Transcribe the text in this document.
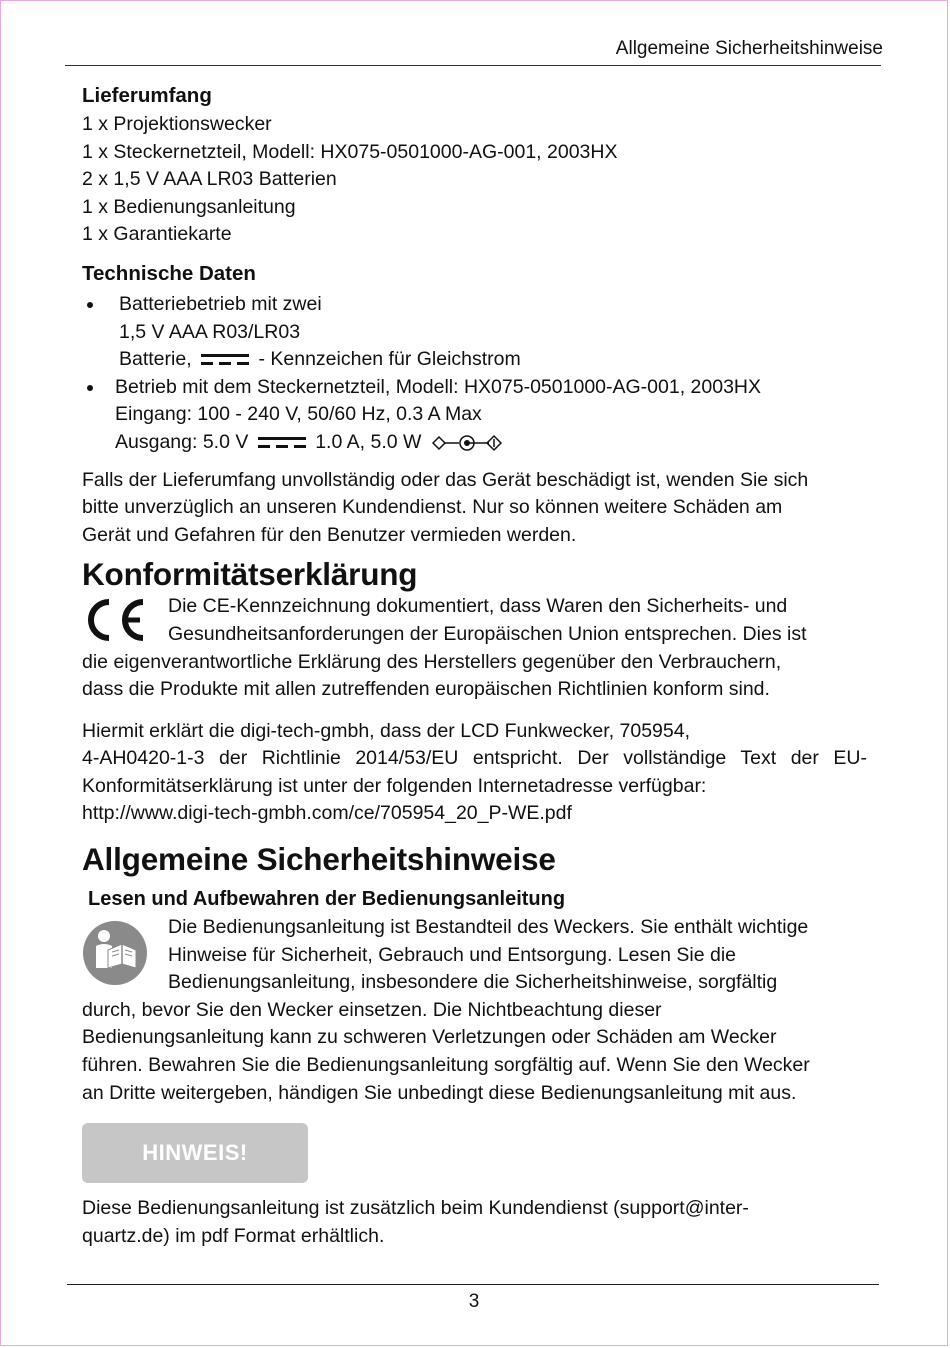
Allgemeine Sicherheitshinweise
Lieferumfang
1 x Projektionswecker
1 x Steckernetzteil, Modell: HX075-0501000-AG-001, 2003HX
2 x 1,5 V AAA LR03 Batterien
1 x Bedienungsanleitung
1 x Garantiekarte
Technische Daten
Batteriebetrieb mit zwei
1,5 V AAA R03/LR03
Batterie,	- Kennzeichen für Gleichstrom
Betrieb mit dem Steckernetzteil, Modell: HX075-0501000-AG-001, 2003HX
Eingang: 100 - 240 V, 50/60 Hz, 0.3 A Max
Ausgang: 5.0 V	1.0 A, 5.0 W
Falls der Lieferumfang unvollständig oder das Gerät beschädigt ist, wenden Sie sich
bitte unverzüglich an unseren Kundendienst. Nur so können weitere Schäden am
Gerät und Gefahren für den Benutzer vermieden werden.
Konformitätserklärung
Die CE-Kennzeichnung dokumentiert, dass Waren den Sicherheits- und
Gesundheitsanforderungen der Europäischen Union entsprechen. Dies ist
die eigenverantwortliche Erklärung des Herstellers gegenüber den Verbrauchern,
dass die Produkte mit allen zutreffenden europäischen Richtlinien konform sind.
Hiermit erklärt die digi-tech-gmbh, dass der LCD Funkwecker, 705954,
4-AH0420-1-3 der Richtlinie 2014/53/EU entspricht. Der vollständige Text der EU-
Konformitätserklärung ist unter der folgenden Internetadresse verfügbar:
http://www.digi-tech-gmbh.com/ce/705954_20_P-WE.pdf
Allgemeine Sicherheitshinweise
Lesen und Aufbewahren der Bedienungsanleitung
Die Bedienungsanleitung ist Bestandteil des Weckers. Sie enthält wichtige
Hinweise für Sicherheit, Gebrauch und Entsorgung. Lesen Sie die
Bedienungsanleitung, insbesondere die Sicherheitshinweise, sorgfältig
durch, bevor Sie den Wecker einsetzen. Die Nichtbeachtung dieser
Bedienungsanleitung kann zu schweren Verletzungen oder Schäden am Wecker
führen. Bewahren Sie die Bedienungsanleitung sorgfältig auf. Wenn Sie den Wecker
an Dritte weitergeben, händigen Sie unbedingt diese Bedienungsanleitung mit aus.
HINWEIS!
Diese Bedienungsanleitung ist zusätzlich beim Kundendienst (support@inter-
quartz.de) im pdf Format erhältlich.
3
